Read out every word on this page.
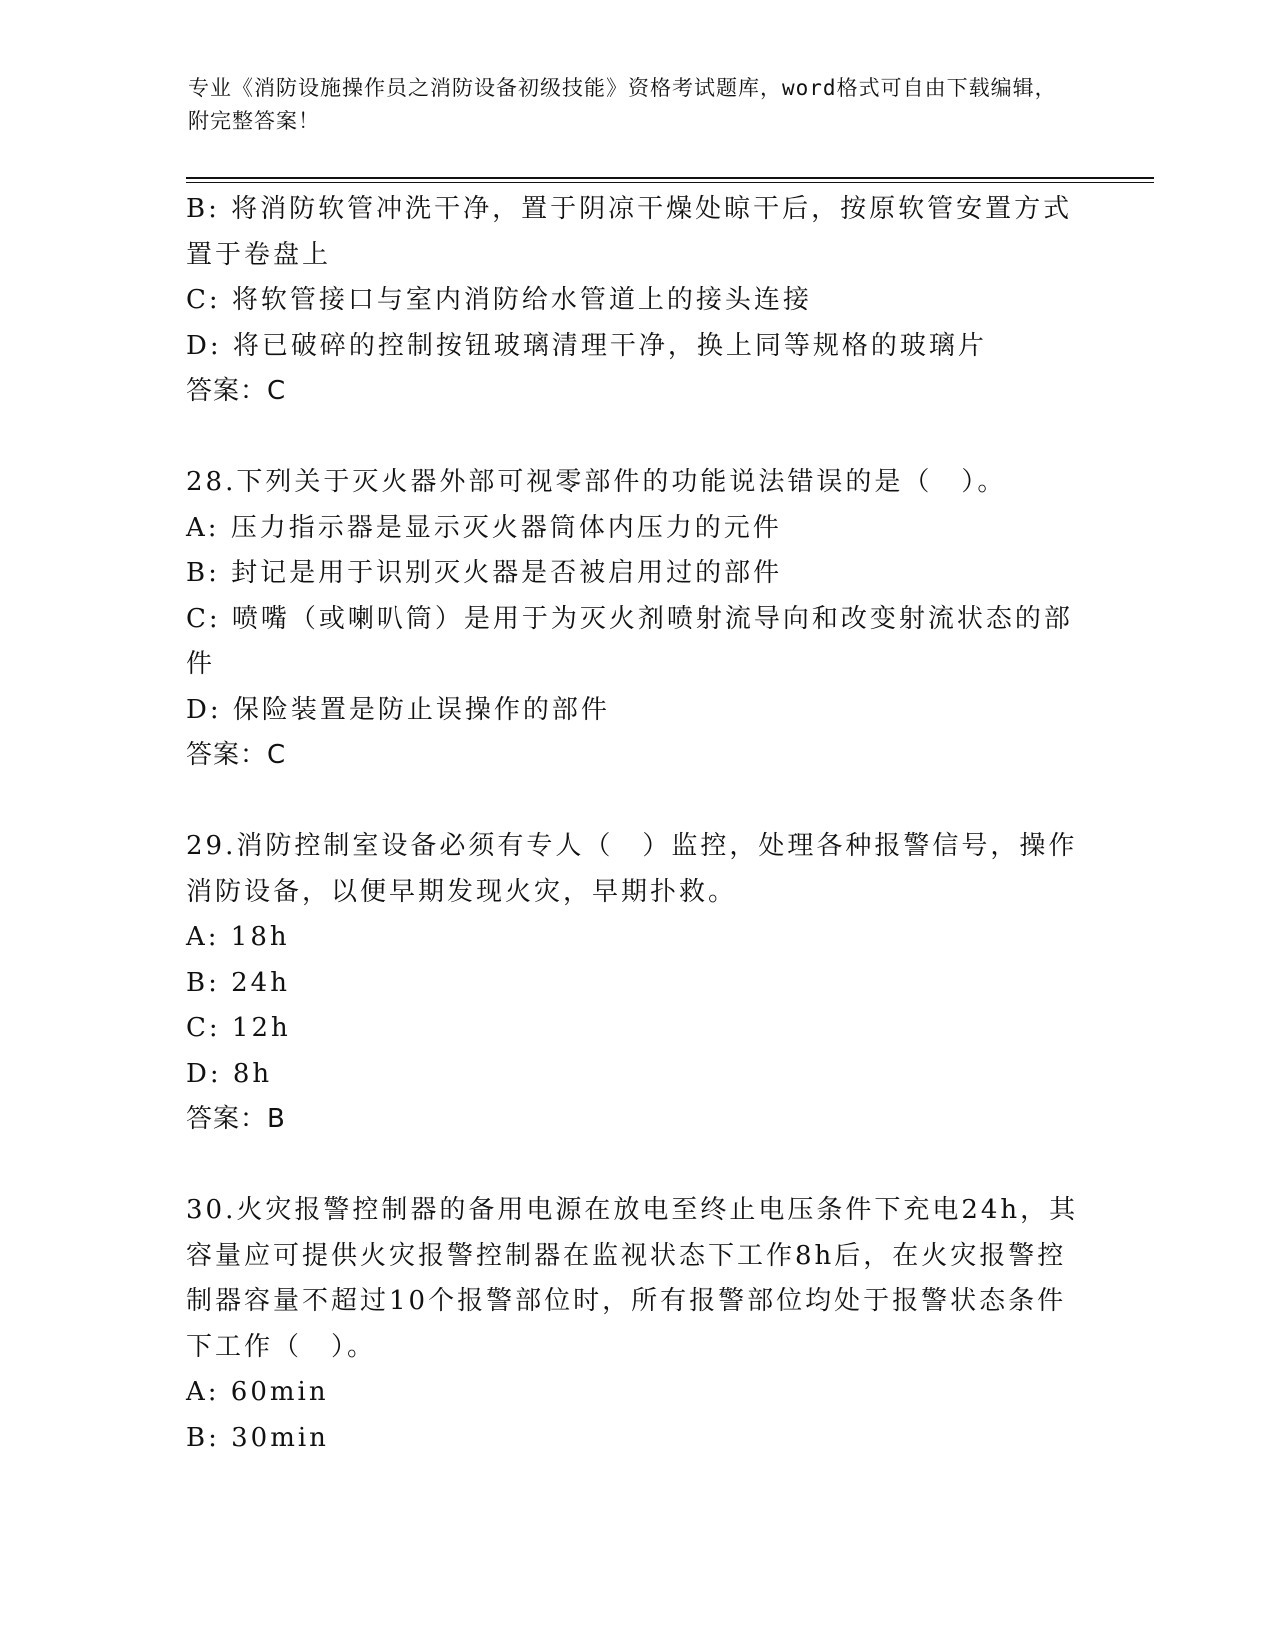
专业《消防设施操作员之消防设备初级技能》资格考试题库，word格式可自由下载编辑，附完整答案！
B: 将消防软管冲洗干净，置于阴凉干燥处晾干后，按原软管安置方式置于卷盘上
C: 将软管接口与室内消防给水管道上的接头连接
D: 将已破碎的控制按钮玻璃清理干净，换上同等规格的玻璃片
答案：C
28.下列关于灭火器外部可视零部件的功能说法错误的是（　）。
A: 压力指示器是显示灭火器筒体内压力的元件
B: 封记是用于识别灭火器是否被启用过的部件
C: 喷嘴（或喇叭筒）是用于为灭火剂喷射流导向和改变射流状态的部件
D: 保险装置是防止误操作的部件
答案：C
29.消防控制室设备必须有专人（　）监控，处理各种报警信号，操作消防设备，以便早期发现火灾，早期扑救。
A: 18h
B: 24h
C: 12h
D: 8h
答案：B
30.火灾报警控制器的备用电源在放电至终止电压条件下充电24h，其容量应可提供火灾报警控制器在监视状态下工作8h后，在火灾报警控制器容量不超过10个报警部位时，所有报警部位均处于报警状态条件下工作（　）。
A: 60min
B: 30min
